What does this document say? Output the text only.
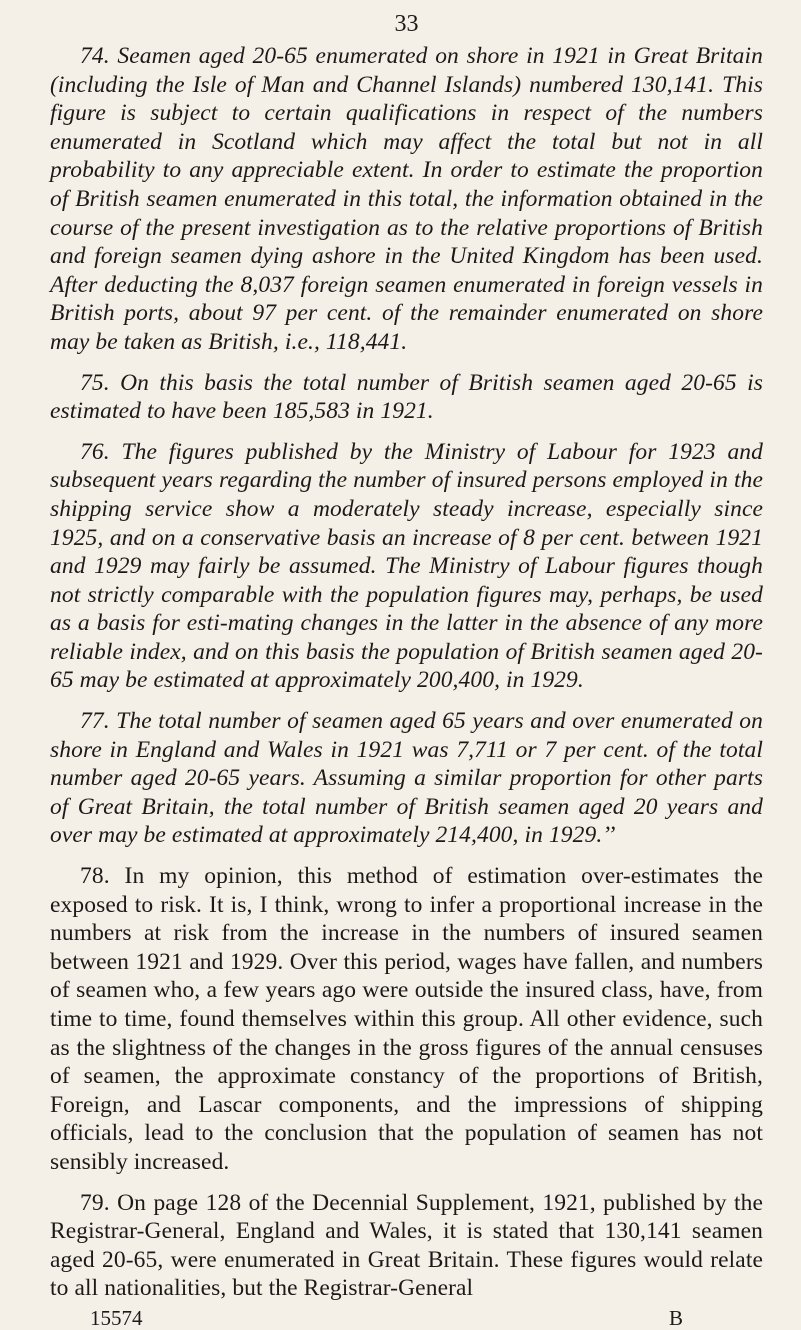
33

74. Seamen aged 20-65 enumerated on shore in 1921 in Great Britain (including the Isle of Man and Channel Islands) numbered 130,141. This figure is subject to certain qualifications in respect of the numbers enumerated in Scotland which may affect the total but not in all probability to any appreciable extent. In order to estimate the proportion of British seamen enumerated in this total, the information obtained in the course of the present investigation as to the relative proportions of British and foreign seamen dying ashore in the United Kingdom has been used. After deducting the 8,037 foreign seamen enumerated in foreign vessels in British ports, about 97 per cent. of the remainder enumerated on shore may be taken as British, i.e., 118,441.

75. On this basis the total number of British seamen aged 20-65 is estimated to have been 185,583 in 1921.

76. The figures published by the Ministry of Labour for 1923 and subsequent years regarding the number of insured persons employed in the shipping service show a moderately steady increase, especially since 1925, and on a conservative basis an increase of 8 per cent. between 1921 and 1929 may fairly be assumed. The Ministry of Labour figures though not strictly comparable with the population figures may, perhaps, be used as a basis for esti-mating changes in the latter in the absence of any more reliable index, and on this basis the population of British seamen aged 20-65 may be estimated at approximately 200,400, in 1929.

77. The total number of seamen aged 65 years and over enumerated on shore in England and Wales in 1921 was 7,711 or 7 per cent. of the total number aged 20-65 years. Assuming a similar proportion for other parts of Great Britain, the total number of British seamen aged 20 years and over may be estimated at approximately 214,400, in 1929.’’

78. In my opinion, this method of estimation over-estimates the exposed to risk. It is, I think, wrong to infer a proportional increase in the numbers at risk from the increase in the numbers of insured seamen between 1921 and 1929. Over this period, wages have fallen, and numbers of seamen who, a few years ago were outside the insured class, have, from time to time, found themselves within this group. All other evidence, such as the slightness of the changes in the gross figures of the annual censuses of seamen, the approximate constancy of the proportions of British, Foreign, and Lascar components, and the impressions of shipping officials, lead to the conclusion that the population of seamen has not sensibly increased.

79. On page 128 of the Decennial Supplement, 1921, published by the Registrar-General, England and Wales, it is stated that 130,141 seamen aged 20-65, were enumerated in Great Britain. These figures would relate to all nationalities, but the Registrar-General

15574	B
